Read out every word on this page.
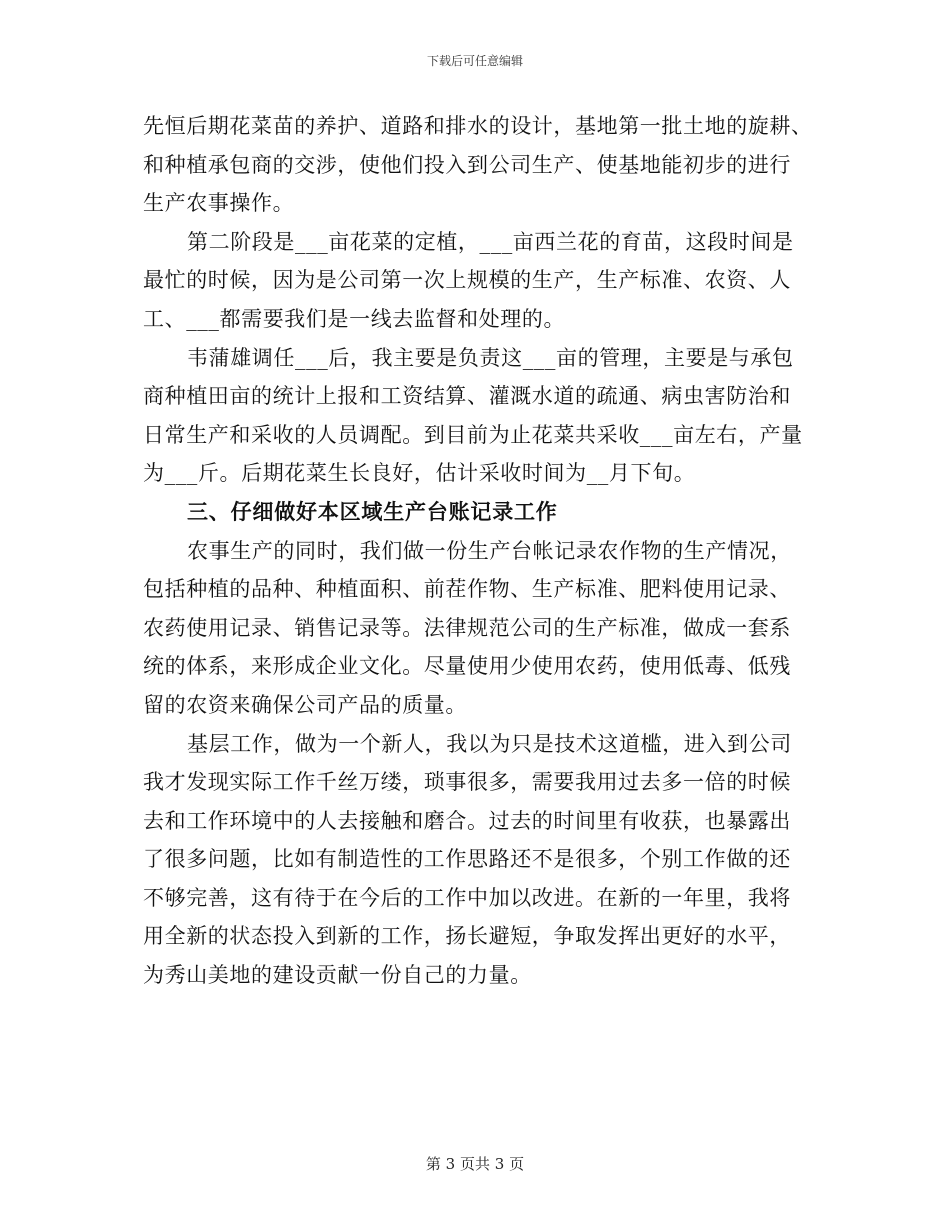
下载后可任意编辑
先恒后期花菜苗的养护、道路和排水的设计，基地第一批土地的旋耕、
和种植承包商的交涉，使他们投入到公司生产、使基地能初步的进行
生产农事操作。
第二阶段是___亩花菜的定植，___亩西兰花的育苗，这段时间是
最忙的时候，因为是公司第一次上规模的生产，生产标准、农资、人
工、___都需要我们是一线去监督和处理的。
韦蒲雄调任___后，我主要是负责这___亩的管理，主要是与承包
商种植田亩的统计上报和工资结算、灌溉水道的疏通、病虫害防治和
日常生产和采收的人员调配。到目前为止花菜共采收___亩左右，产量
为___斤。后期花菜生长良好，估计采收时间为__月下旬。
三、仔细做好本区域生产台账记录工作
农事生产的同时，我们做一份生产台帐记录农作物的生产情况，
包括种植的品种、种植面积、前茬作物、生产标准、肥料使用记录、
农药使用记录、销售记录等。法律规范公司的生产标准，做成一套系
统的体系，来形成企业文化。尽量使用少使用农药，使用低毒、低残
留的农资来确保公司产品的质量。
基层工作，做为一个新人，我以为只是技术这道槛，进入到公司
我才发现实际工作千丝万缕，琐事很多，需要我用过去多一倍的时候
去和工作环境中的人去接触和磨合。过去的时间里有收获，也暴露出
了很多问题，比如有制造性的工作思路还不是很多，个别工作做的还
不够完善，这有待于在今后的工作中加以改进。在新的一年里，我将
用全新的状态投入到新的工作，扬长避短，争取发挥出更好的水平，
为秀山美地的建设贡献一份自己的力量。
第 3 页共 3 页
